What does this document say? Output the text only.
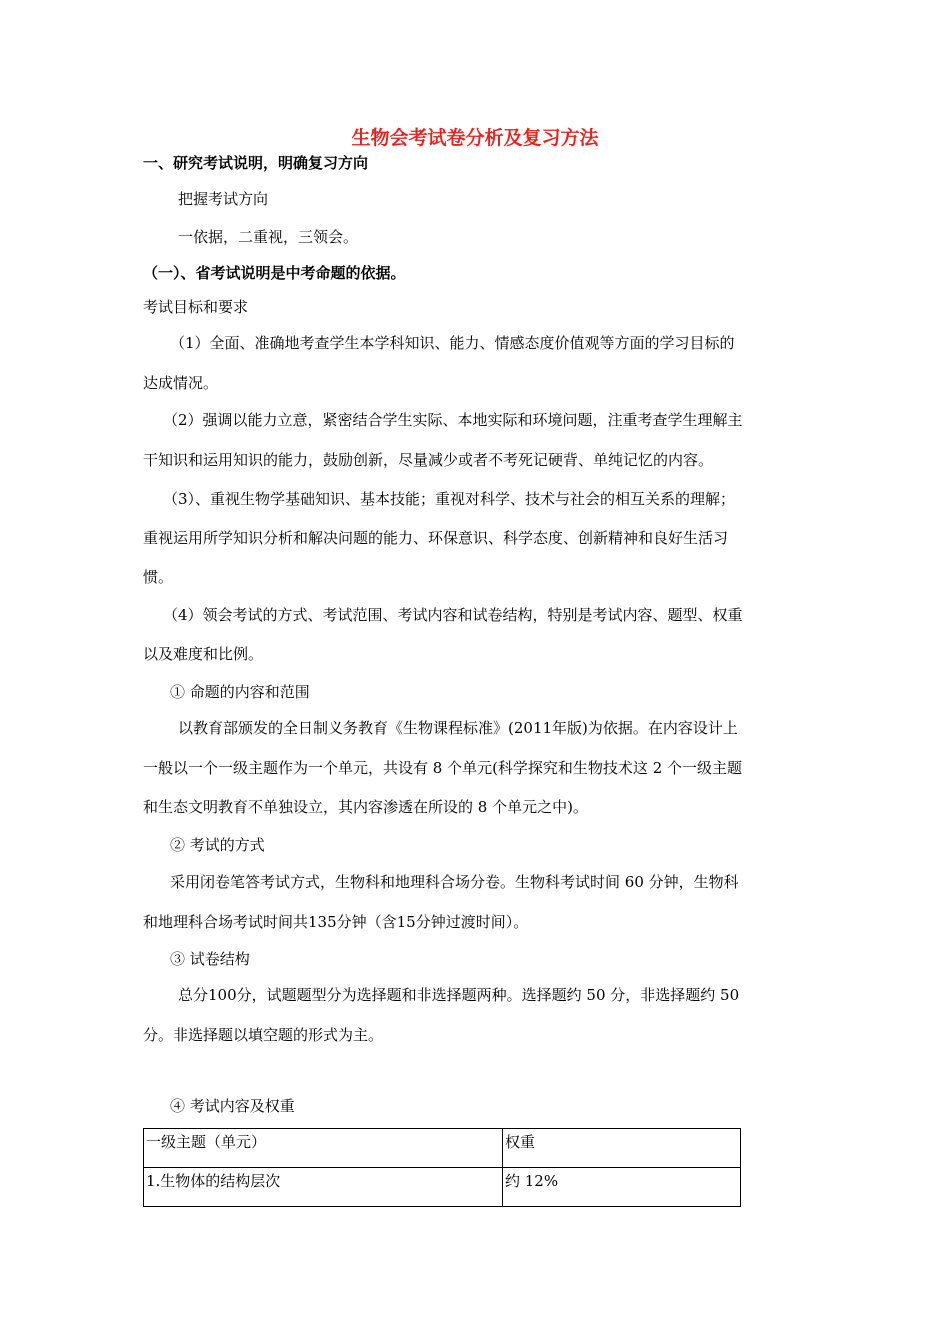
生物会考试卷分析及复习方法
一、研究考试说明，明确复习方向
把握考试方向
一依据，二重视，三领会。
（一）、省考试说明是中考命题的依据。
考试目标和要求
（1）全面、准确地考查学生本学科知识、能力、情感态度价值观等方面的学习目标的
达成情况。
（2）强调以能力立意，紧密结合学生实际、本地实际和环境问题，注重考查学生理解主
干知识和运用知识的能力，鼓励创新，尽量减少或者不考死记硬背、单纯记忆的内容。
（3）、重视生物学基础知识、基本技能；重视对科学、技术与社会的相互关系的理解；
重视运用所学知识分析和解决问题的能力、环保意识、科学态度、创新精神和良好生活习
惯。
（4）领会考试的方式、考试范围、考试内容和试卷结构，特别是考试内容、题型、权重
以及难度和比例。
① 命题的内容和范围
以教育部颁发的全日制义务教育《生物课程标准》(2011年版)为依据。在内容设计上
一般以一个一级主题作为一个单元，共设有 8 个单元(科学探究和生物技术这 2 个一级主题
和生态文明教育不单独设立，其内容渗透在所设的 8 个单元之中)。
② 考试的方式
采用闭卷笔答考试方式，生物科和地理科合场分卷。生物科考试时间 60 分钟，生物科
和地理科合场考试时间共135分钟（含15分钟过渡时间）。
③ 试卷结构
总分100分，试题题型分为选择题和非选择题两种。选择题约 50 分，非选择题约 50
分。非选择题以填空题的形式为主。
④ 考试内容及权重
一级主题（单元）	权重
1.生物体的结构层次	约 12%
